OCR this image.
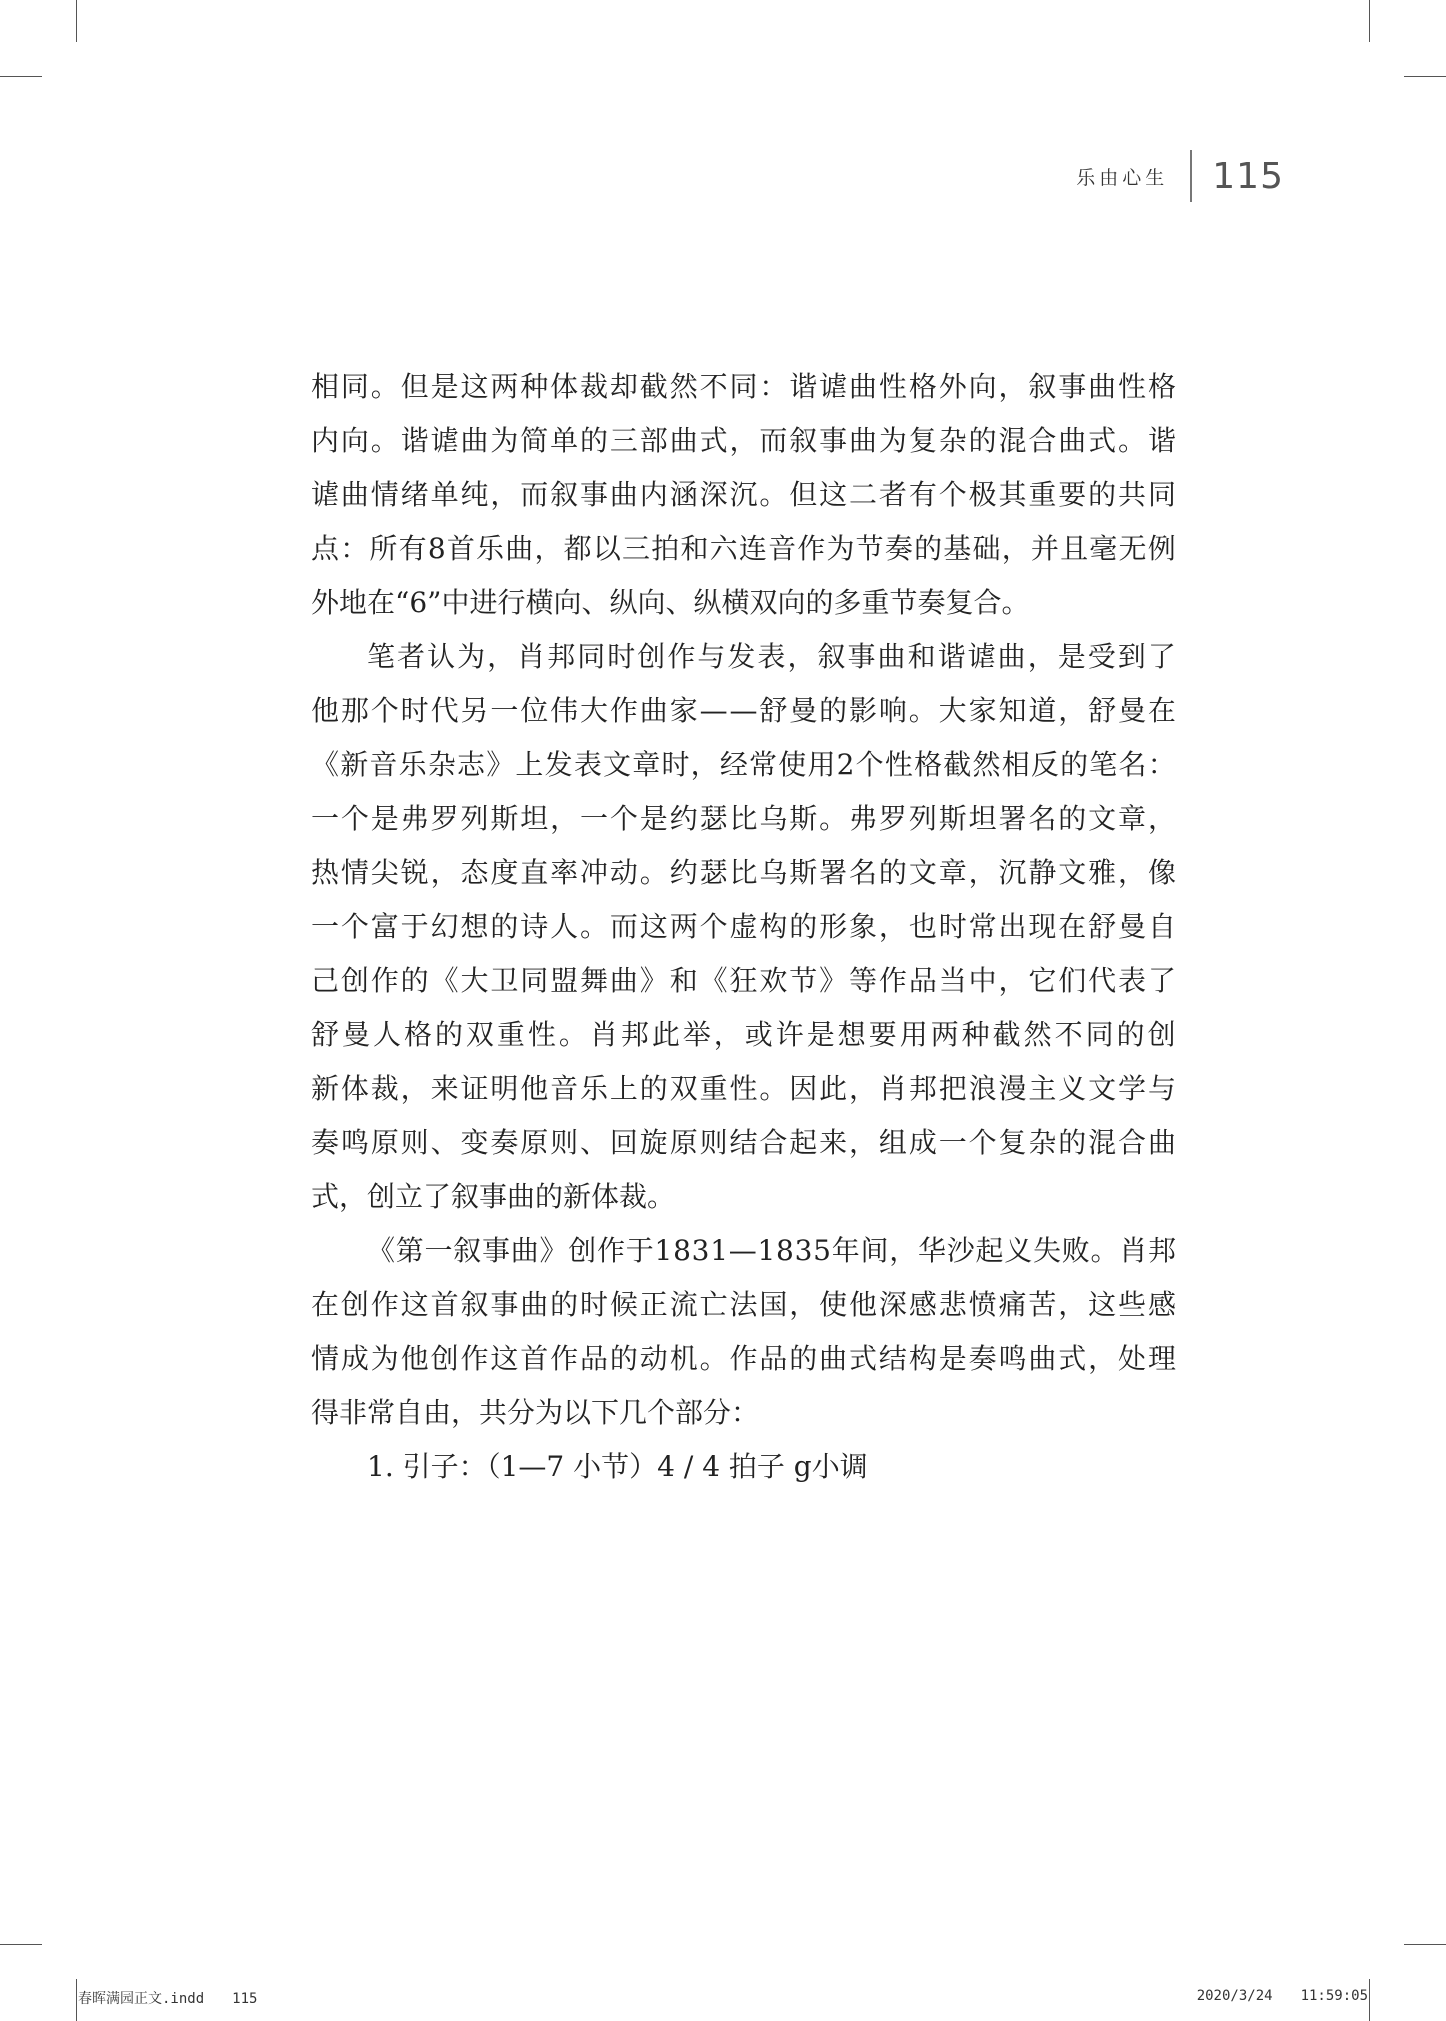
乐由心生 115
相 同 。 但 是 这 两 种 体 裁 却 截 然 不 同 ： 谐 谑 曲 性 格 外 向 ， 叙 事 曲 性 格
内 向 。 谐 谑 曲 为 简 单 的 三 部 曲 式 ， 而 叙 事 曲 为 复 杂 的 混 合 曲 式 。 谐
谑 曲 情 绪 单 纯 ， 而 叙 事 曲 内 涵 深 沉 。 但 这 二 者 有 个 极 其 重 要 的 共 同
点 ： 所 有 8 首 乐 曲 ， 都 以 三 拍 和 六 连 音 作 为 节 奏 的 基 础 ， 并 且 毫 无 例
外地在“6”中进行横向、纵向、纵横双向的多重节奏复合。
笔 者 认 为 ， 肖 邦 同 时 创 作 与 发 表 ， 叙 事 曲 和 谐 谑 曲 ， 是 受 到 了
他 那 个 时 代 另 一 位 伟 大 作 曲 家 — — 舒 曼 的 影 响 。 大 家 知 道 ， 舒 曼 在
《 新 音 乐 杂 志 》 上 发 表 文 章 时 ， 经 常 使 用 2 个 性 格 截 然 相 反 的 笔 名 ：
一 个 是 弗 罗 列 斯 坦 ， 一 个 是 约 瑟 比 乌 斯 。 弗 罗 列 斯 坦 署 名 的 文 章 ，
热 情 尖 锐 ， 态 度 直 率 冲 动 。 约 瑟 比 乌 斯 署 名 的 文 章 ， 沉 静 文 雅 ， 像
一 个 富 于 幻 想 的 诗 人 。 而 这 两 个 虚 构 的 形 象 ， 也 时 常 出 现 在 舒 曼 自
己 创 作 的 《 大 卫 同 盟 舞 曲 》 和 《 狂 欢 节 》 等 作 品 当 中 ， 它 们 代 表 了
舒 曼 人 格 的 双 重 性 。 肖 邦 此 举 ， 或 许 是 想 要 用 两 种 截 然 不 同 的 创
新 体 裁 ， 来 证 明 他 音 乐 上 的 双 重 性 。 因 此 ， 肖 邦 把 浪 漫 主 义 文 学 与
奏 鸣 原 则 、 变 奏 原 则 、 回 旋 原 则 结 合 起 来 ， 组 成 一 个 复 杂 的 混 合 曲
式，创立了叙事曲的新体裁。
《 第 一 叙 事 曲 》 创 作 于 1 8 3 1 — 1 8 3 5 年 间 ， 华 沙 起 义 失 败 。 肖 邦
在 创 作 这 首 叙 事 曲 的 时 候 正 流 亡 法 国 ， 使 他 深 感 悲 愤 痛 苦 ， 这 些 感
情 成 为 他 创 作 这 首 作 品 的 动 机 。 作 品 的 曲 式 结 构 是 奏 鸣 曲 式 ， 处 理
得非常自由，共分为以下几个部分：
1. 引子：（1—7 小节）4 / 4 拍子 g小调
春晖满园正文.indd 115	2020/3/24 11:59:05
